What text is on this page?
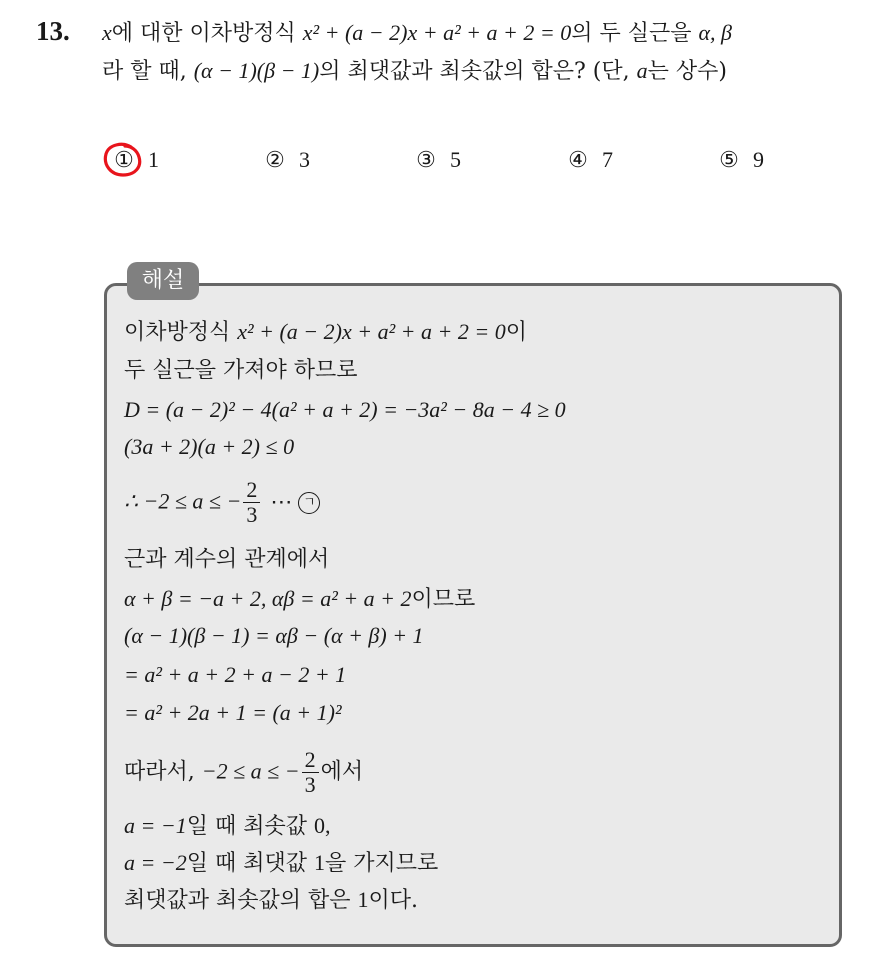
13. x에 대한 이차방정식 x² + (a − 2)x + a² + a + 2 = 0의 두 실근을 α, β
라 할 때, (α − 1)(β − 1)의 최댓값과 최솟값의 합은? (단, a는 상수)
① 1	② 3	③ 5	④ 7	⑤ 9
해설
이차방정식 x² + (a − 2)x + a² + a + 2 = 0이
두 실근을 가져야 하므로
D = (a − 2)² − 4(a² + a + 2) = −3a² − 8a − 4 ≥ 0
(3a + 2)(a + 2) ≤ 0
∴ −2 ≤ a ≤ − $\frac{2}{3}$ ⋯ ㄱ
근과 계수의 관계에서
α + β = −a + 2, αβ = a² + a + 2이므로
(α − 1)(β − 1) = αβ − (α + β) + 1
= a² + a + 2 + a − 2 + 1
= a² + 2a + 1 = (a + 1)²
따라서, −2 ≤ a ≤ − $\frac{2}{3}$ 에서
a = −1일 때 최솟값 0,
a = −2일 때 최댓값 1을 가지므로
최댓값과 최솟값의 합은 1이다.
